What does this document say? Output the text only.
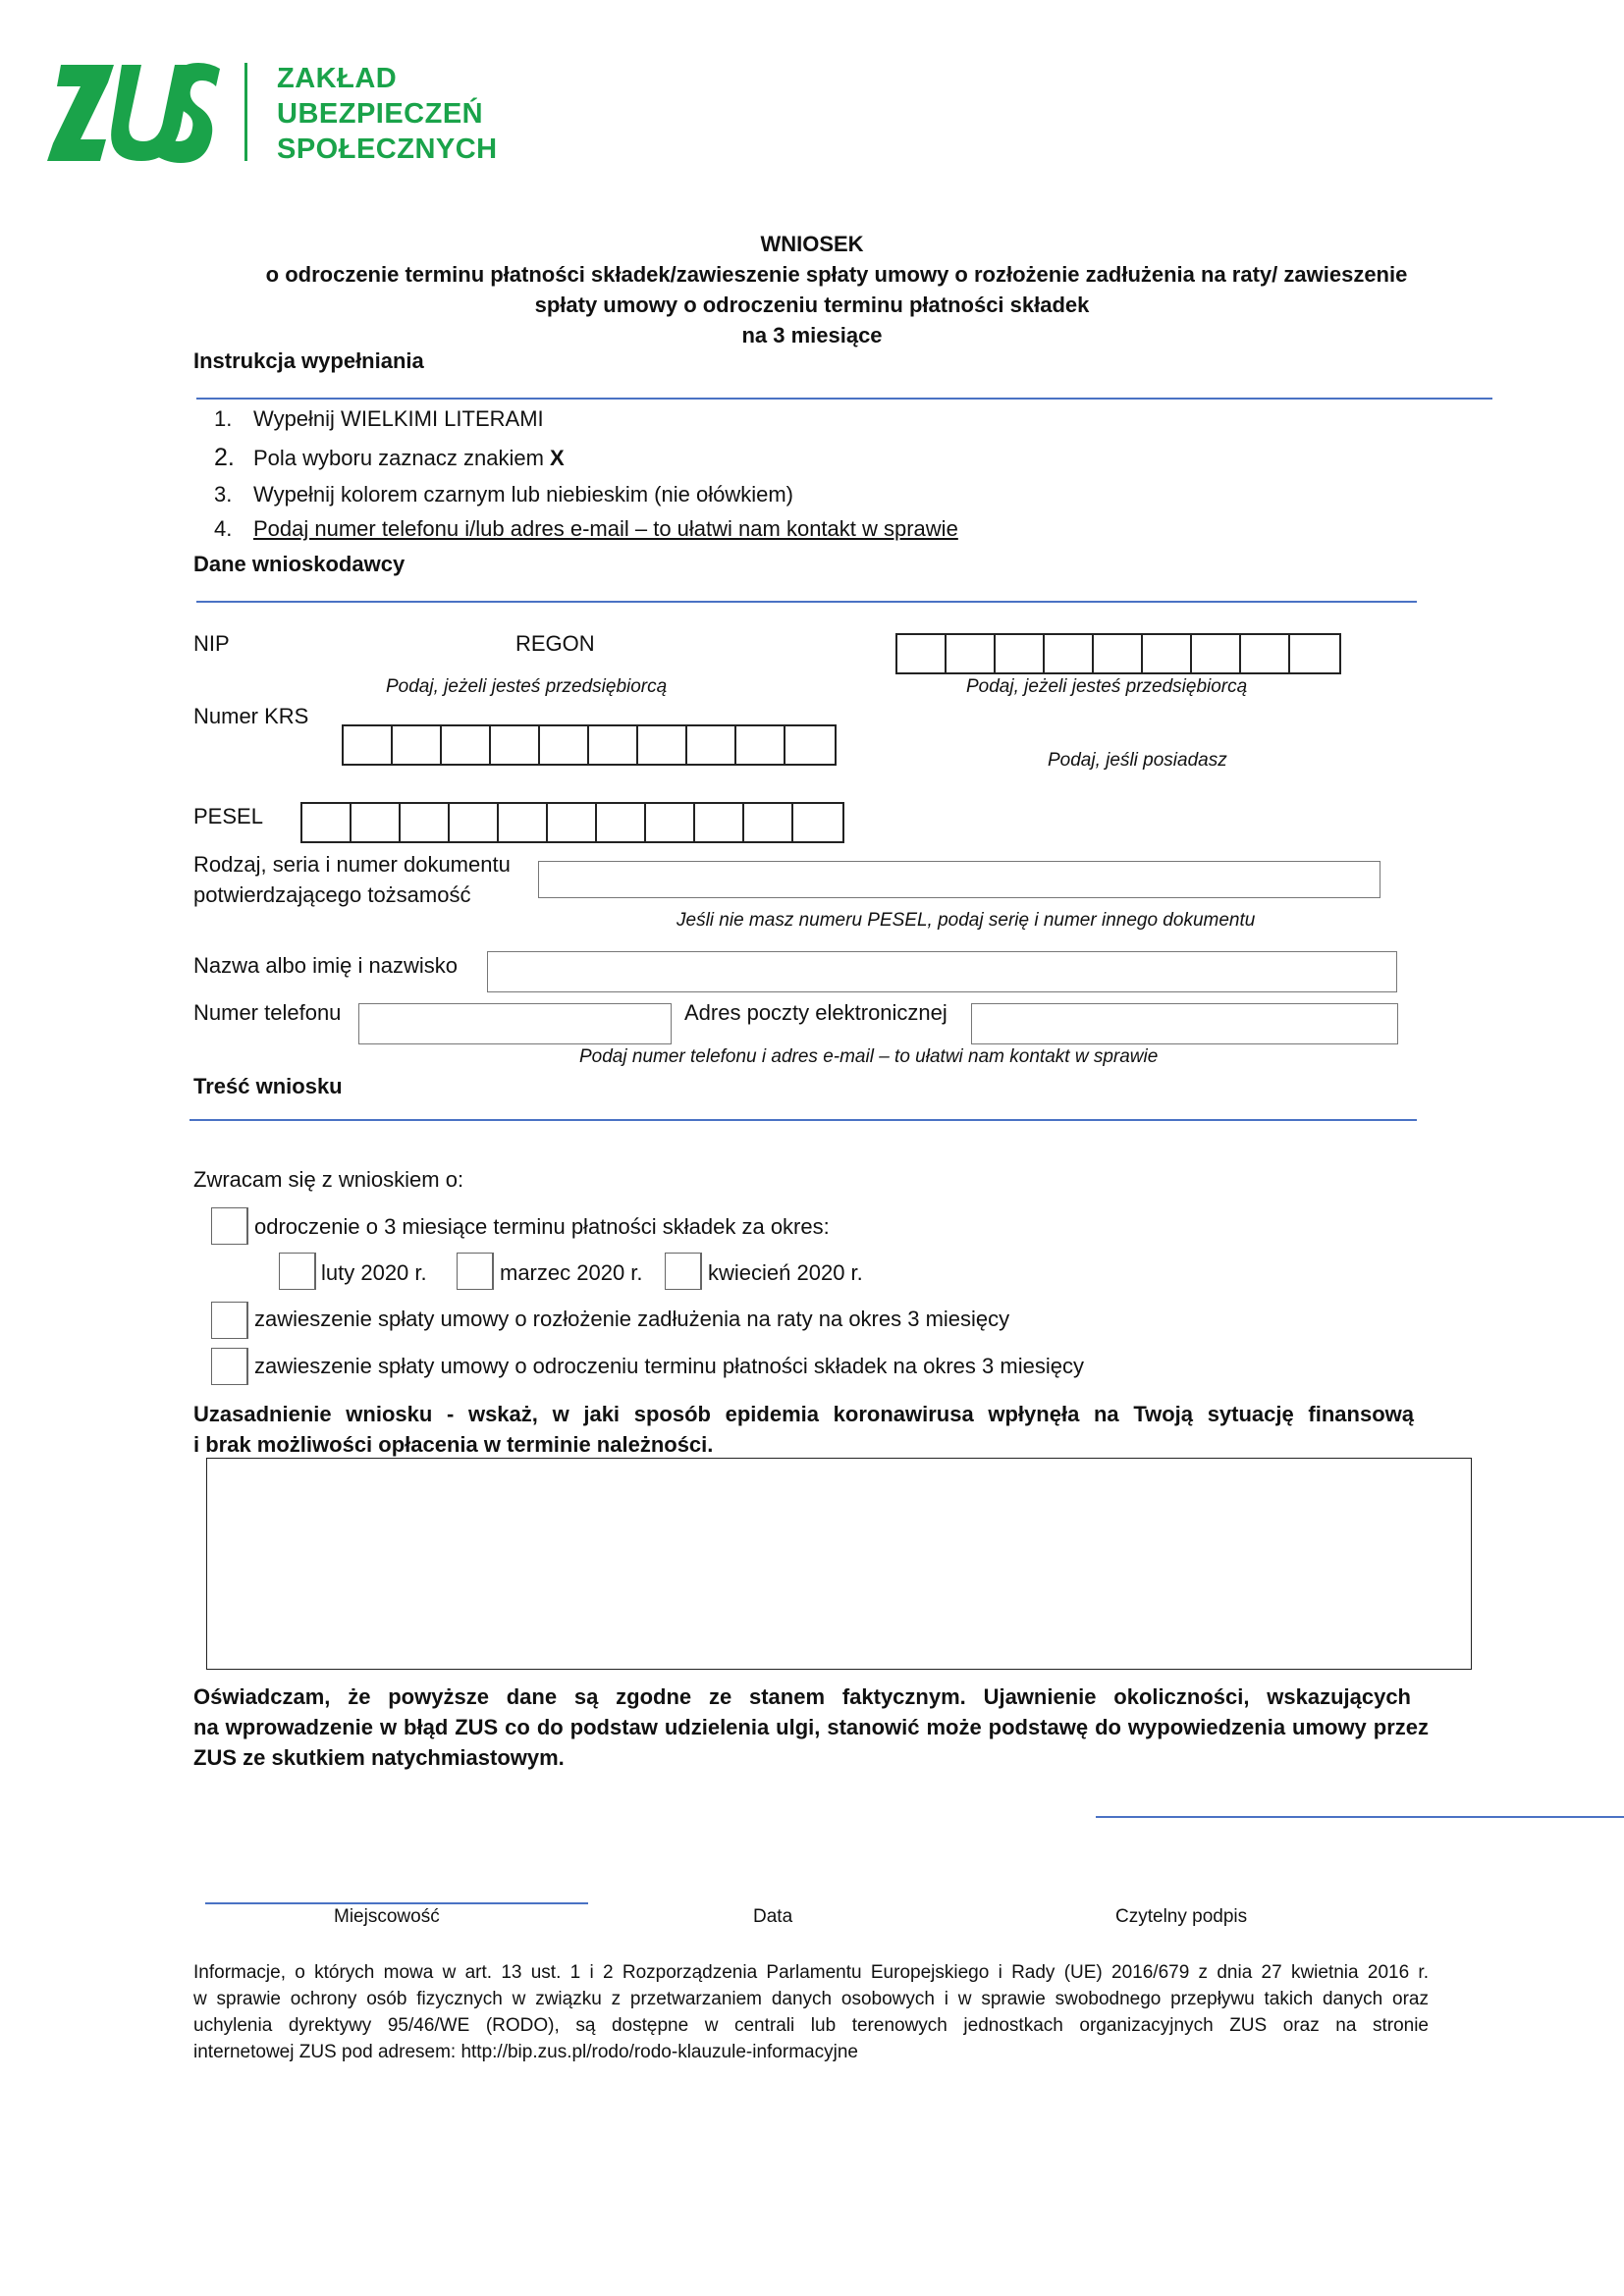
ZAKŁAD
UBEZPIECZEŃ
SPOŁECZNYCH
WNIOSEK
o odroczenie terminu płatności składek/zawieszenie spłaty umowy o rozłożenie zadłużenia na raty/ zawieszenie
spłaty umowy o odroczeniu terminu płatności składek
na 3 miesiące
Instrukcja wypełniania
1. Wypełnij WIELKIMI LITERAMI
2. Pola wyboru zaznacz znakiem X
3. Wypełnij kolorem czarnym lub niebieskim (nie ołówkiem)
4. Podaj numer telefonu i/lub adres e-mail – to ułatwi nam kontakt w sprawie
Dane wnioskodawcy
NIP	REGON
Podaj, jeżeli jesteś przedsiębiorcą	Podaj, jeżeli jesteś przedsiębiorcą
Numer KRS
Podaj, jeśli posiadasz
PESEL
Rodzaj, seria i numer dokumentu
potwierdzającego tożsamość
Jeśli nie masz numeru PESEL, podaj serię i numer innego dokumentu
Nazwa albo imię i nazwisko
Numer telefonu	Adres poczty elektronicznej
Podaj numer telefonu i adres e-mail – to ułatwi nam kontakt w sprawie
Treść wniosku
Zwracam się z wnioskiem o:
odroczenie o 3 miesiące terminu płatności składek za okres:
luty 2020 r.	marzec 2020 r.	kwiecień 2020 r.
zawieszenie spłaty umowy o rozłożenie zadłużenia na raty na okres 3 miesięcy
zawieszenie spłaty umowy o odroczeniu terminu płatności składek na okres 3 miesięcy
Uzasadnienie wniosku - wskaż, w jaki sposób epidemia koronawirusa wpłynęła na Twoją sytuację finansową
i brak możliwości opłacenia w terminie należności.
Oświadczam, że powyższe dane są zgodne ze stanem faktycznym. Ujawnienie okoliczności, wskazujących
na wprowadzenie w błąd ZUS co do podstaw udzielenia ulgi, stanowić może podstawę do wypowiedzenia umowy przez
ZUS ze skutkiem natychmiastowym.
Miejscowość	Data	Czytelny podpis
Informacje, o których mowa w art. 13 ust. 1 i 2 Rozporządzenia Parlamentu Europejskiego i Rady (UE) 2016/679 z dnia 27 kwietnia 2016 r.
w sprawie ochrony osób fizycznych w związku z przetwarzaniem danych osobowych i w sprawie swobodnego przepływu takich danych oraz
uchylenia dyrektywy 95/46/WE (RODO), są dostępne w centrali lub terenowych jednostkach organizacyjnych ZUS oraz na stronie
internetowej ZUS pod adresem: http://bip.zus.pl/rodo/rodo-klauzule-informacyjne
